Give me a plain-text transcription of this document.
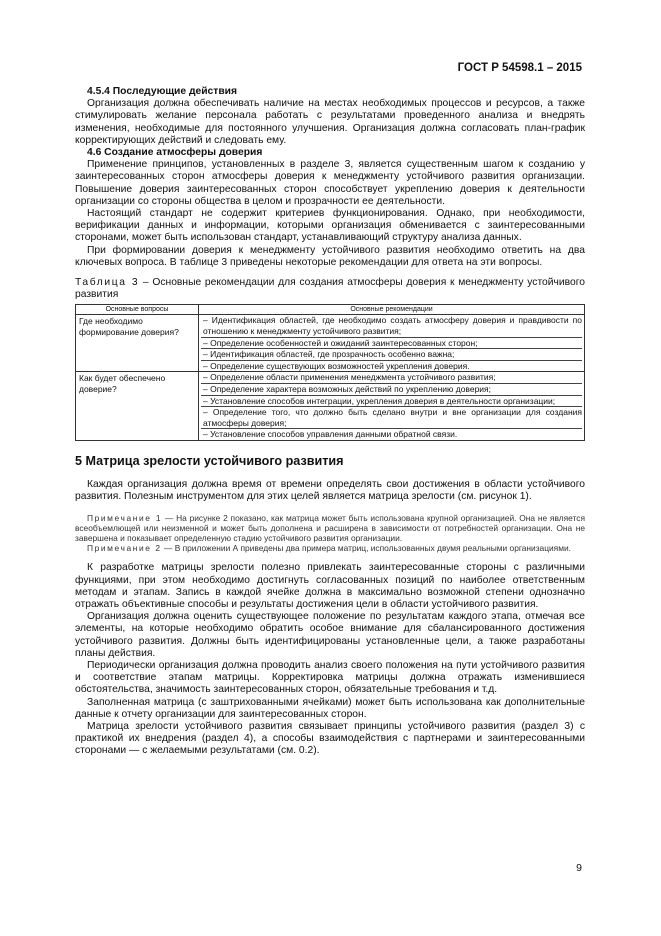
ГОСТ Р 54598.1 – 2015

4.5.4 Последующие действия

Организация должна обеспечивать наличие на местах необходимых процессов и ресурсов, а также стимулировать желание персонала работать с результатами проведенного анализа и внедрять изменения, необходимые для постоянного улучшения. Организация должна согласовать план-график корректирующих действий и следовать ему.

4.6 Создание атмосферы доверия

Применение принципов, установленных в разделе 3, является существенным шагом к созданию у заинтересованных сторон атмосферы доверия к менеджменту устойчивого развития организации. Повышение доверия заинтересованных сторон способствует укреплению доверия к деятельности организации со стороны общества в целом и прозрачности ее деятельности.

Настоящий стандарт не содержит критериев функционирования. Однако, при необходимости, верификации данных и информации, которыми организация обменивается с заинтересованными сторонами, может быть использован стандарт, устанавливающий структуру анализа данных.

При формировании доверия к менеджменту устойчивого развития необходимо ответить на два ключевых вопроса. В таблице 3 приведены некоторые рекомендации для ответа на эти вопросы.

Таблица 3 – Основные рекомендации для создания атмосферы доверия к менеджменту устойчивого развития

Основные вопросы	Основные рекомендации
Где необходимо формирование доверия?	– Идентификация областей, где необходимо создать атмосферу доверия и правдивости по отношению к менеджменту устойчивого развития;
– Определение особенностей и ожиданий заинтересованных сторон;
– Идентификация областей, где прозрачность особенно важна;
– Определение существующих возможностей укрепления доверия.

Как будет обеспечено доверие?	– Определение области применения менеджмента устойчивого развития;
– Определение характера возможных действий по укреплению доверия;
– Установление способов интеграции, укрепления доверия в деятельности организации;
– Определение того, что должно быть сделано внутри и вне организации для создания атмосферы доверия;
– Установление способов управления данными обратной связи.

5 Матрица зрелости устойчивого развития

Каждая организация должна время от времени определять свои достижения в области устойчивого развития. Полезным инструментом для этих целей является матрица зрелости (см. рисунок 1).

Примечание 1 — На рисунке 2 показано, как матрица может быть использована крупной организацией. Она не является всеобъемлющей или неизменной и может быть дополнена и расширена в зависимости от потребностей организации. Она не завершена и показывает определенную стадию устойчивого развития организации.

Примечание 2 — В приложении А приведены два примера матриц, использованных двумя реальными организациями.

К разработке матрицы зрелости полезно привлекать заинтересованные стороны с различными функциями, при этом необходимо достигнуть согласованных позиций по наиболее ответственным методам и этапам. Запись в каждой ячейке должна в максимально возможной степени однозначно отражать объективные способы и результаты достижения цели в области устойчивого развития.

Организация должна оценить существующее положение по результатам каждого этапа, отмечая все элементы, на которые необходимо обратить особое внимание для сбалансированного достижения устойчивого развития. Должны быть идентифицированы установленные цели, а также разработаны планы действия.

Периодически организация должна проводить анализ своего положения на пути устойчивого развития и соответствие этапам матрицы. Корректировка матрицы должна отражать изменившиеся обстоятельства, значимость заинтересованных сторон, обязательные требования и т.д.

Заполненная матрица (с заштрихованными ячейками) может быть использована как дополнительные данные к отчету организации для заинтересованных сторон.

Матрица зрелости устойчивого развития связывает принципы устойчивого развития (раздел 3) с практикой их внедрения (раздел 4), а способы взаимодействия с партнерами и заинтересованными сторонами — с желаемыми результатами (см. 0.2).

9
